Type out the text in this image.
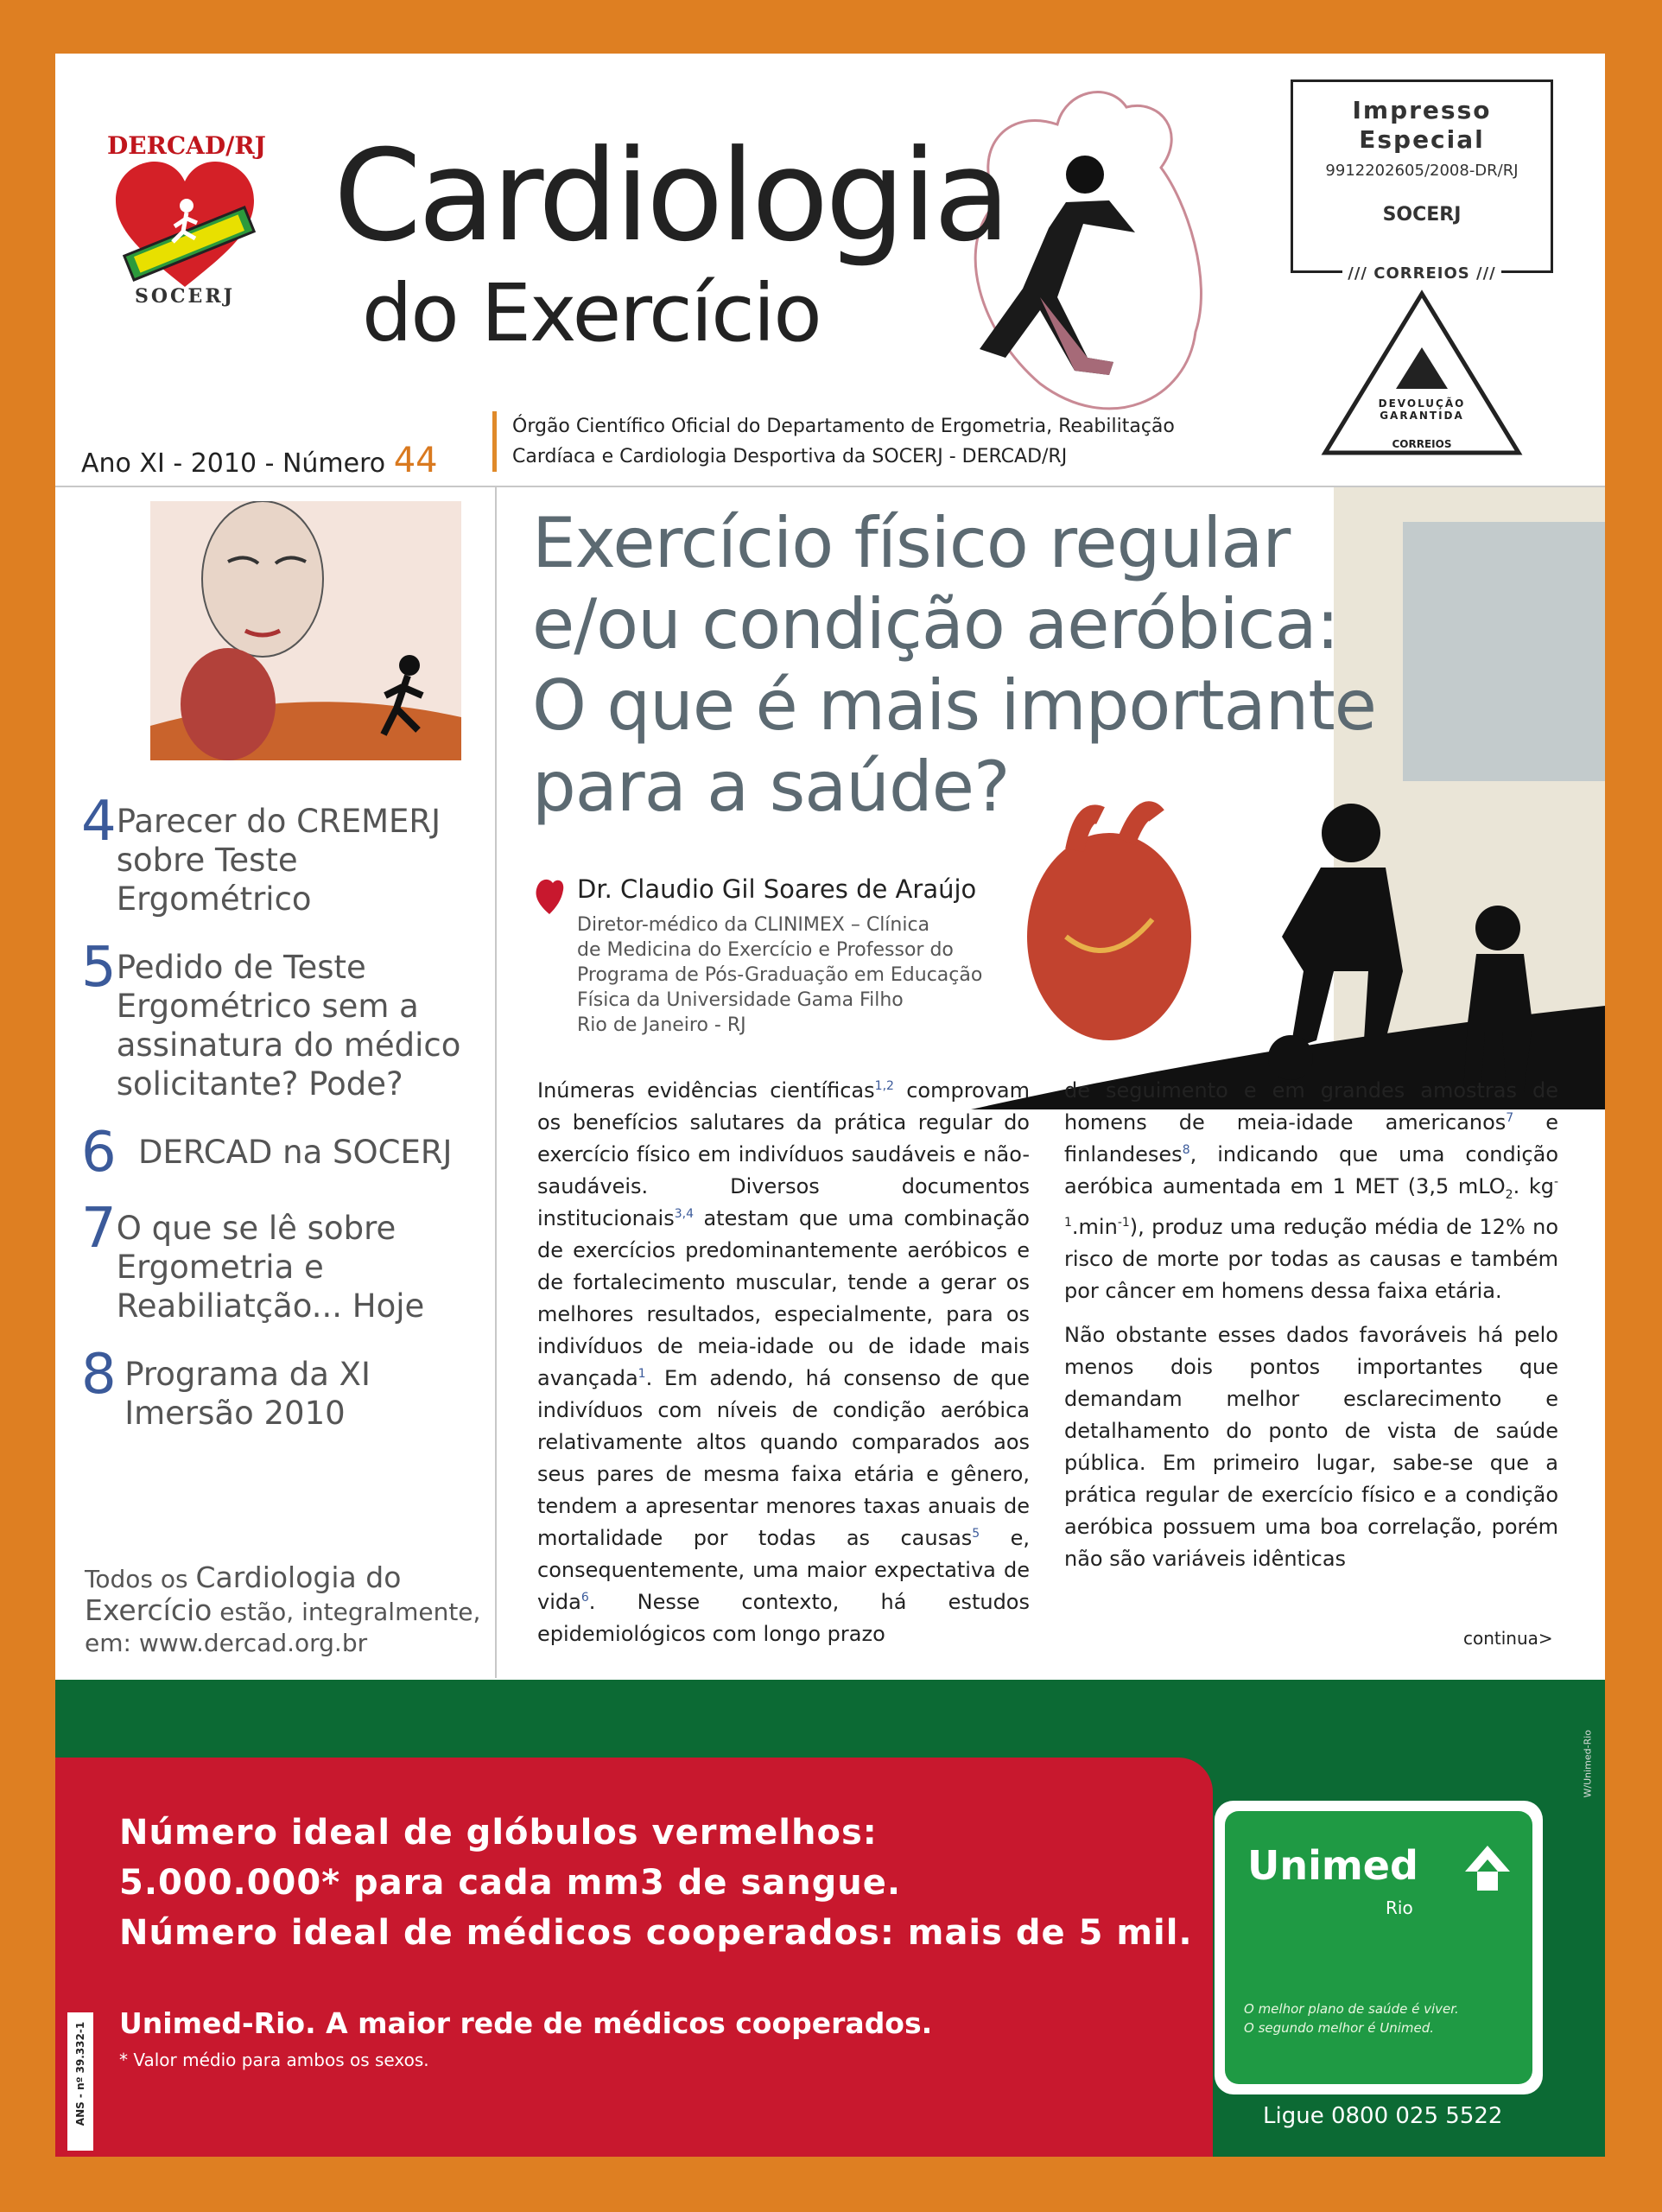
DERCAD/RJ
SOCERJ
Cardiologia
do Exercício
Ano XI - 2010 - Número 44
Órgão Científico Oficial do Departamento de Ergometria, Reabilitação
Cardíaca e Cardiologia Desportiva da SOCERJ - DERCAD/RJ
Impresso
Especial
9912202605/2008-DR/RJ
SOCERJ
/// CORREIOS ///
DEVOLUÇÃO
GARANTIDA
CORREIOS
4 Parecer do CREMERJ sobre Teste Ergométrico
5 Pedido de Teste Ergométrico sem a assinatura do médico solicitante? Pode?
6 DERCAD na SOCERJ
7 O que se lê sobre Ergometria e Reabiliatção... Hoje
8 Programa da XI Imersão 2010
Todos os Cardiologia do Exercício estão, integralmente, em: www.dercad.org.br
Exercício físico regular
e/ou condição aeróbica:
O que é mais importante
para a saúde?
Dr. Claudio Gil Soares de Araújo
Diretor-médico da CLINIMEX – Clínica
de Medicina do Exercício e Professor do
Programa de Pós-Graduação em Educação
Física da Universidade Gama Filho
Rio de Janeiro - RJ

Inúmeras evidências científicas$^{1,2}$ comprovam os benefícios salutares da prática regular do exercício físico em indivíduos saudáveis e não-saudáveis. Diversos documentos institucionais$^{3,4}$ atestam que uma combinação de exercícios predominantemente aeróbicos e de fortalecimento muscular, tende a gerar os melhores resultados, especialmente, para os indivíduos de meia-idade ou de idade mais avançada$^1$. Em adendo, há consenso de que indivíduos com níveis de condição aeróbica relativamente altos quando comparados aos seus pares de mesma faixa etária e gênero, tendem a apresentar menores taxas anuais de mortalidade por todas as causas$^5$ e, consequentemente, uma maior expectativa de vida$^6$. Nesse contexto, há estudos epidemiológicos com longo prazo

de seguimento e em grandes amostras de homens de meia-idade americanos$^7$ e finlandeses$^8$, indicando que uma condição aeróbica aumentada em 1 MET (3,5 mLO$_2$. $kg^{-1}.\min^{-1}$), produz uma redução média de 12% no risco de morte por todas as causas e também por câncer em homens dessa faixa etária.

Não obstante esses dados favoráveis há pelo menos dois pontos importantes que demandam melhor esclarecimento e detalhamento do ponto de vista de saúde pública. Em primeiro lugar, sabe-se que a prática regular de exercício físico e a condição aeróbica possuem uma boa correlação, porém não são variáveis idênticas

continua>
Número ideal de glóbulos vermelhos:
5.000.000* para cada mm3 de sangue.
Número ideal de médicos cooperados: mais de 5 mil.
Unimed-Rio. A maior rede de médicos cooperados.
* Valor médio para ambos os sexos.
ANS - nº 39.332-1
W/Unimed-Rio
Unimed
Rio
O melhor plano de saúde é viver.
O segundo melhor é Unimed.
Ligue 0800 025 5522
